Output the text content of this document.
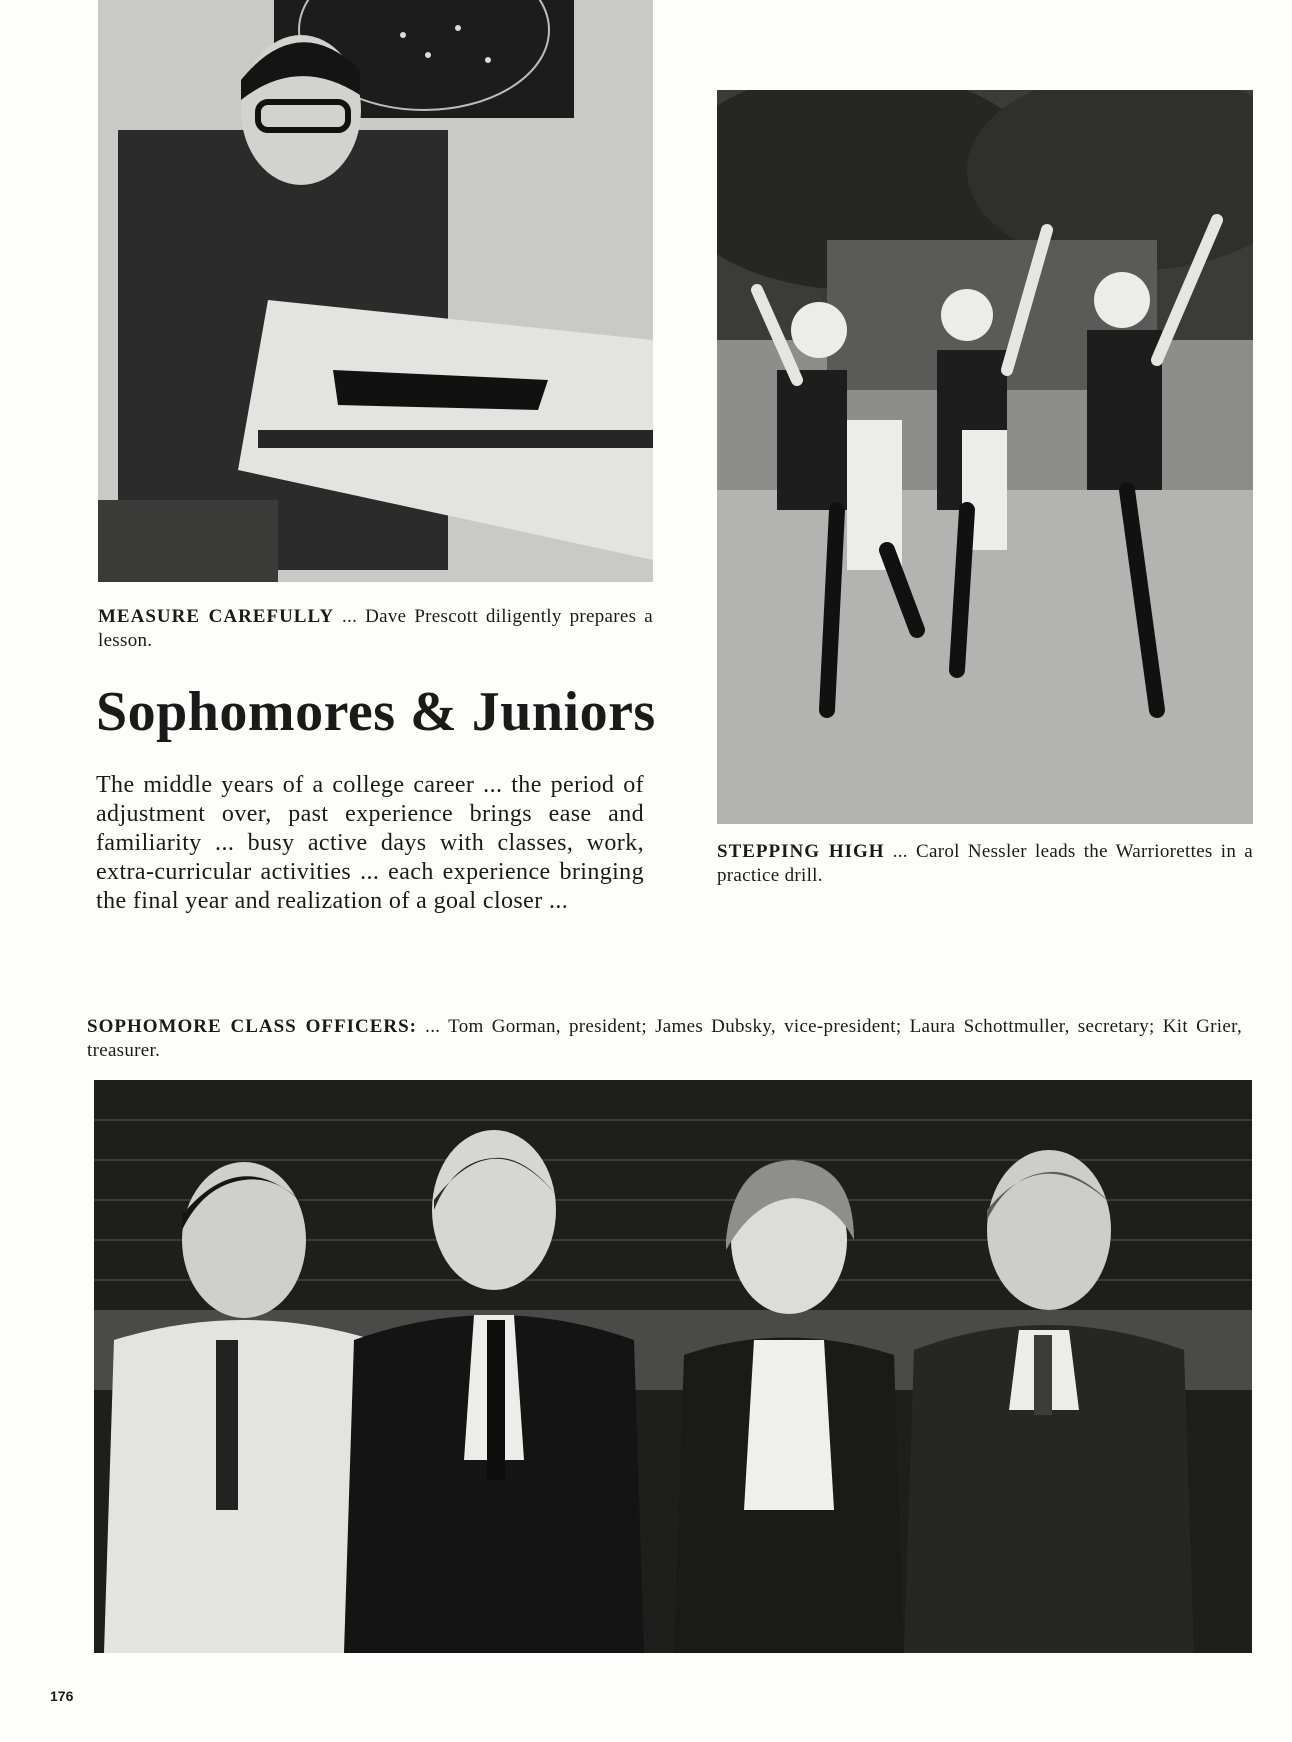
MEASURE CAREFULLY ... Dave Prescott diligently prepares a lesson.

STEPPING HIGH ... Carol Nessler leads the Warriorettes in a practice drill.

Sophomores & Juniors

The middle years of a college career ... the period of adjustment over, past experience brings ease and familiarity ... busy active days with classes, work, extra-curricular activities ... each experience bringing the final year and realization of a goal closer ...

SOPHOMORE CLASS OFFICERS: ... Tom Gorman, president; James Dubsky, vice-president; Laura Schottmuller, secretary; Kit Grier, treasurer.

176
